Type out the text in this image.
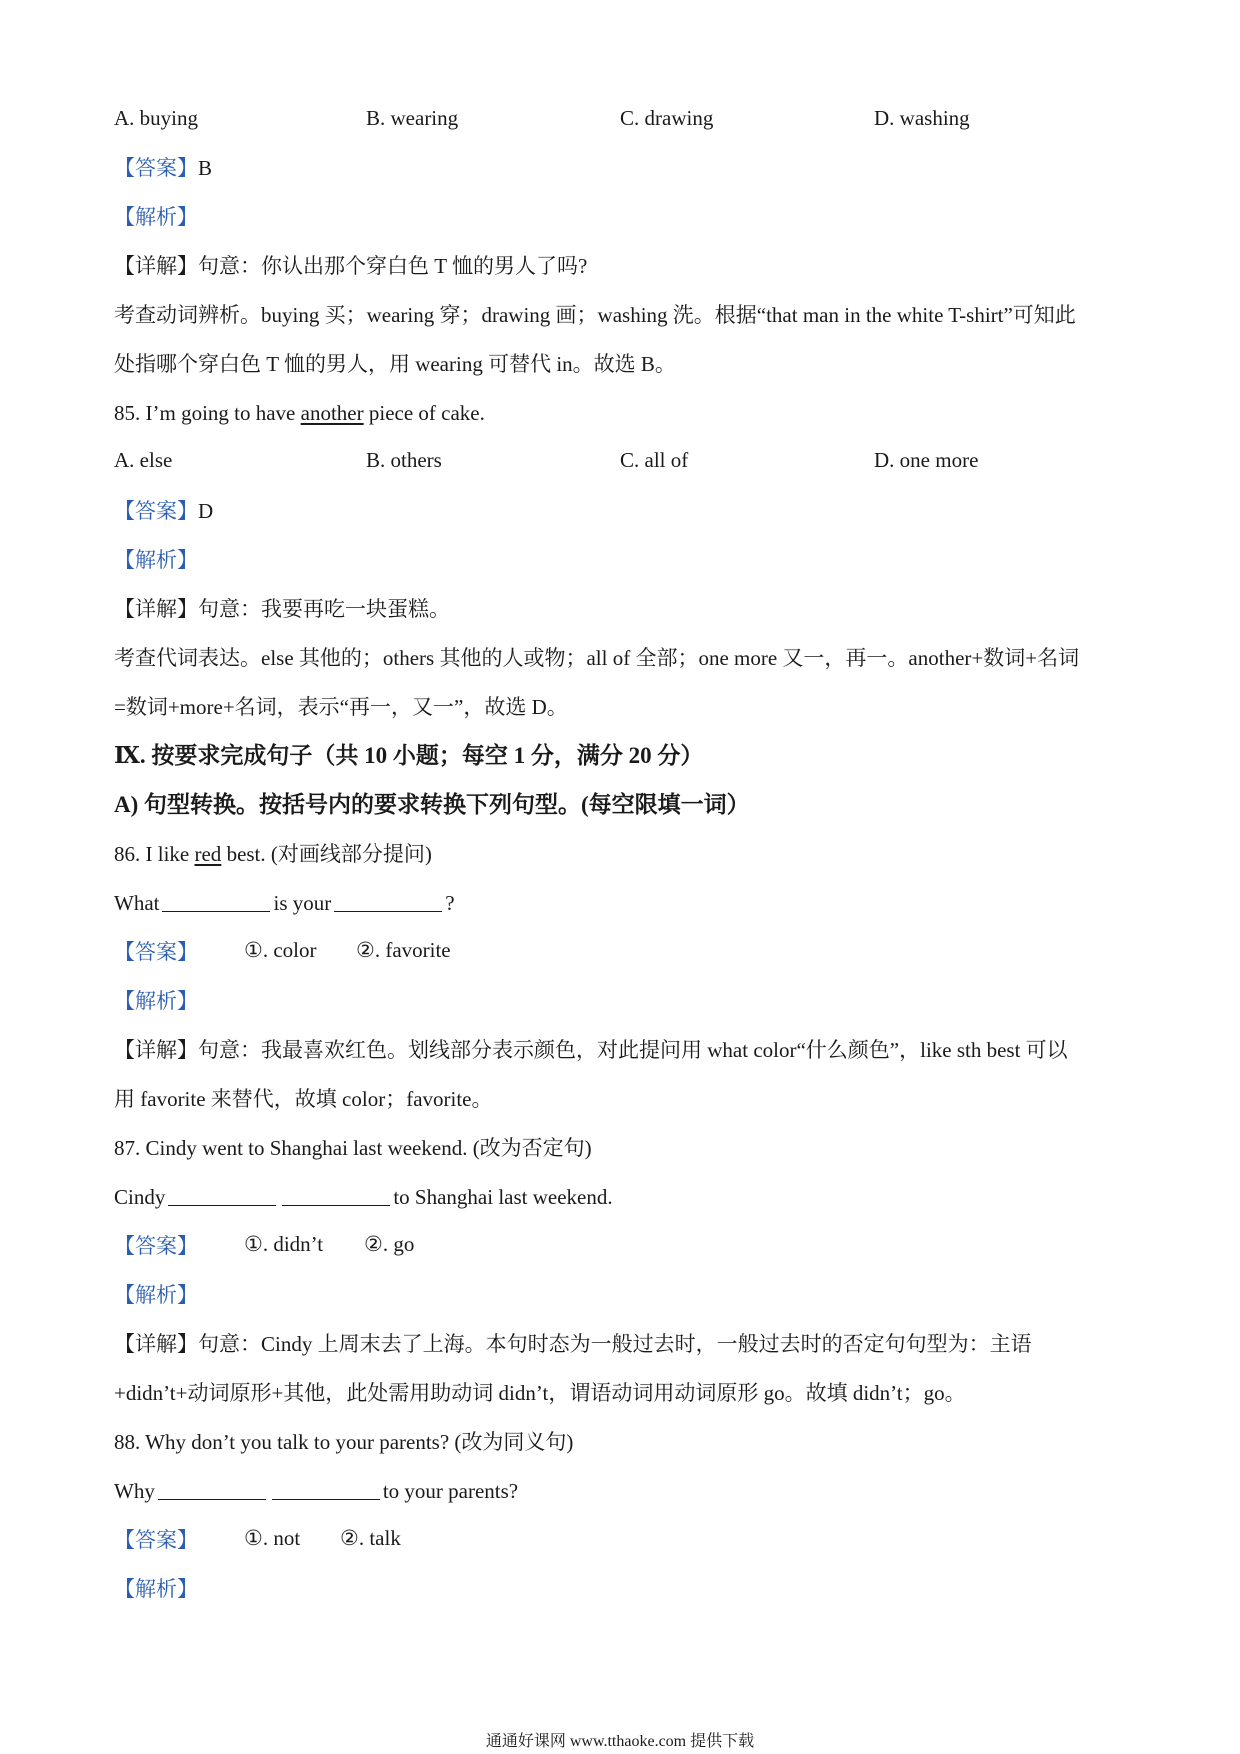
A. buying	B. wearing	C. drawing	D. washing
【答案】B
【解析】
【详解】句意：你认出那个穿白色 T 恤的男人了吗?
考查动词辨析。buying 买；wearing 穿；drawing 画；washing 洗。根据“that man in the white T-shirt”可知此
处指哪个穿白色 T 恤的男人，用 wearing 可替代 in。故选 B。
85. I’m going to have another piece of cake.
A. else	B. others	C. all of	D. one more
【答案】D
【解析】
【详解】句意：我要再吃一块蛋糕。
考查代词表达。else 其他的；others 其他的人或物；all of 全部；one more 又一，再一。another+数词+名词
=数词+more+名词，表示“再一，又一”，故选 D。
Ⅸ. 按要求完成句子（共 10 小题；每空 1 分，满分 20 分）
A) 句型转换。按括号内的要求转换下列句型。(每空限填一词）
86. I like red best. (对画线部分提问)
What	is your	?
【答案】	①. color ②. favorite
【解析】
【详解】句意：我最喜欢红色。划线部分表示颜色，对此提问用 what color“什么颜色”，like sth best 可以
用 favorite 来替代，故填 color；favorite。
87. Cindy went to Shanghai last weekend. (改为否定句)
Cindy	to Shanghai last weekend.
【答案】	①. didn’t ②. go
【解析】
【详解】句意：Cindy 上周末去了上海。本句时态为一般过去时，一般过去时的否定句句型为：主语
+didn’t+动词原形+其他，此处需用助动词 didn’t，谓语动词用动词原形 go。故填 didn’t；go。
88. Why don’t you talk to your parents? (改为同义句)
Why	to your parents?
【答案】	①. not ②. talk
【解析】
通通好课网 www.tthaoke.com 提供下载
